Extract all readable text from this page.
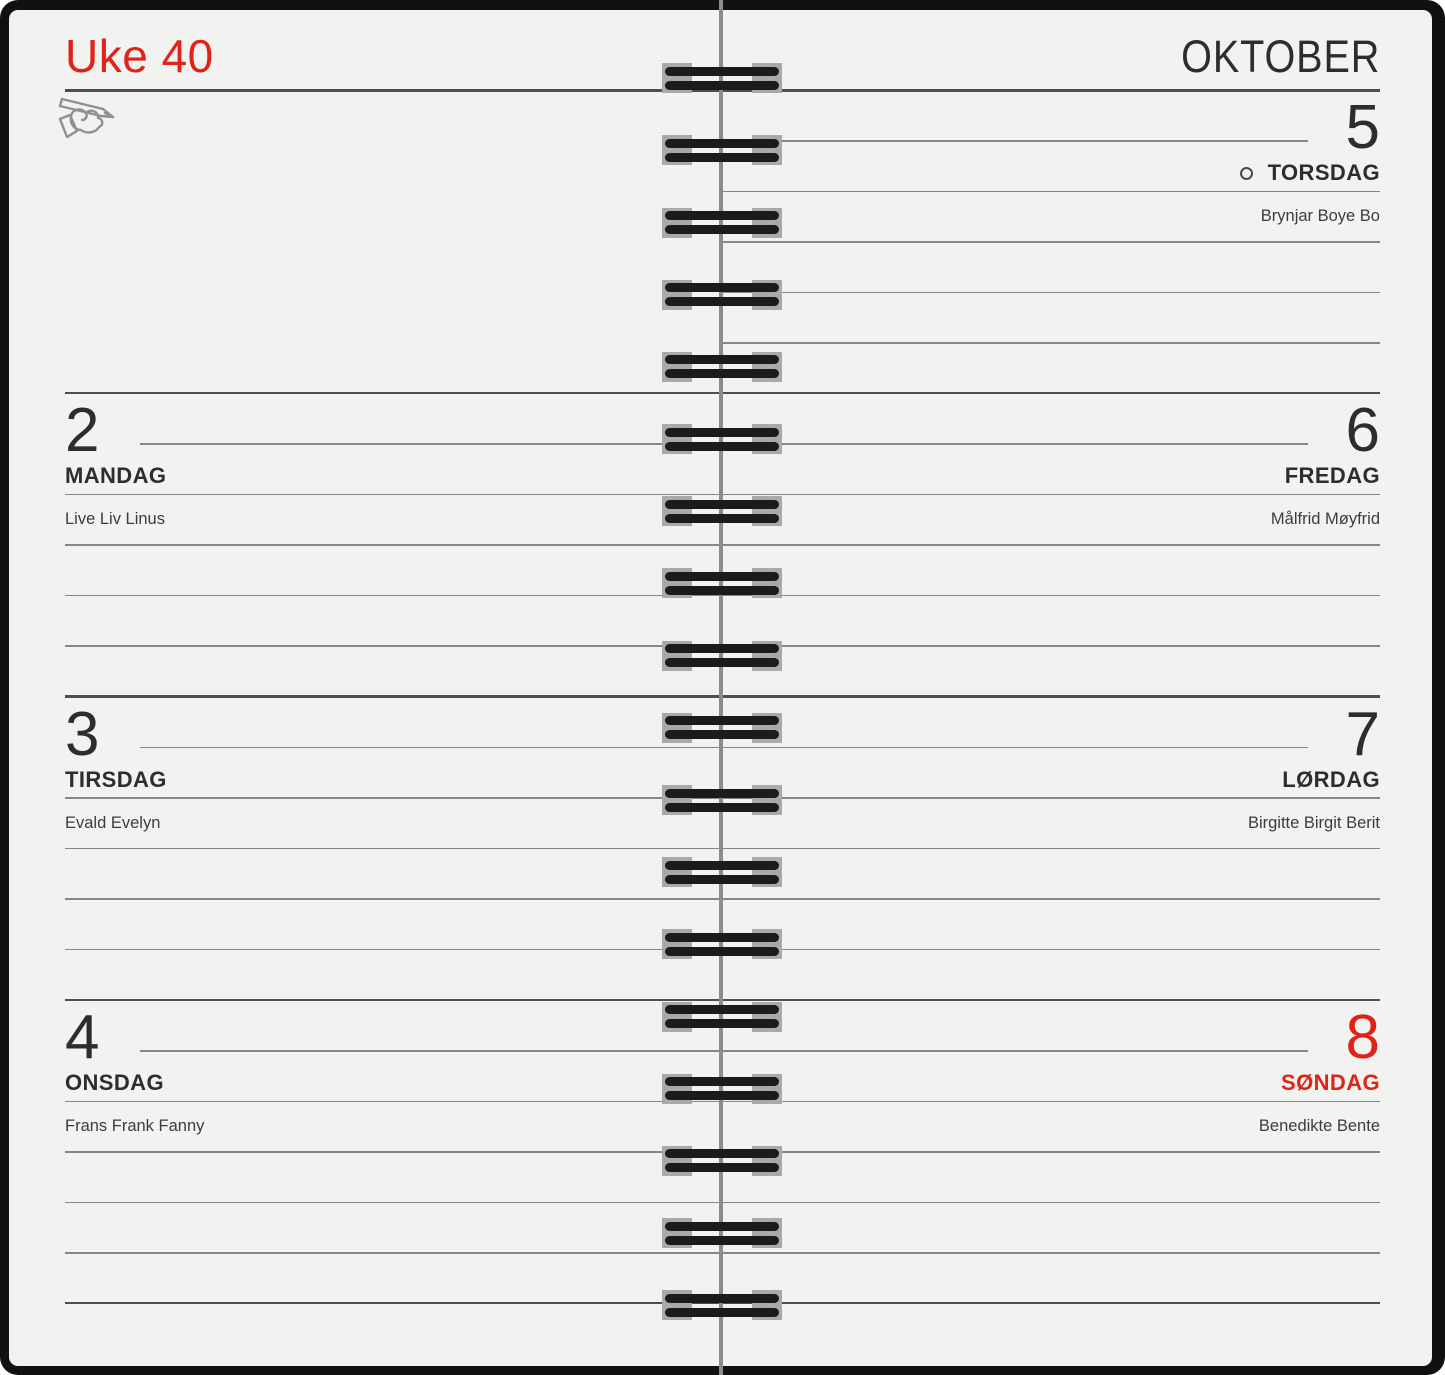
Uke 40	OKTOBER
2
MANDAG
Live Liv Linus
3
TIRSDAG
Evald Evelyn
4
ONSDAG
Frans Frank Fanny
5
TORSDAG
Brynjar Boye Bo
6
FREDAG
Målfrid Møyfrid
7
LØRDAG
Birgitte Birgit Berit
8
SØNDAG
Benedikte Bente
